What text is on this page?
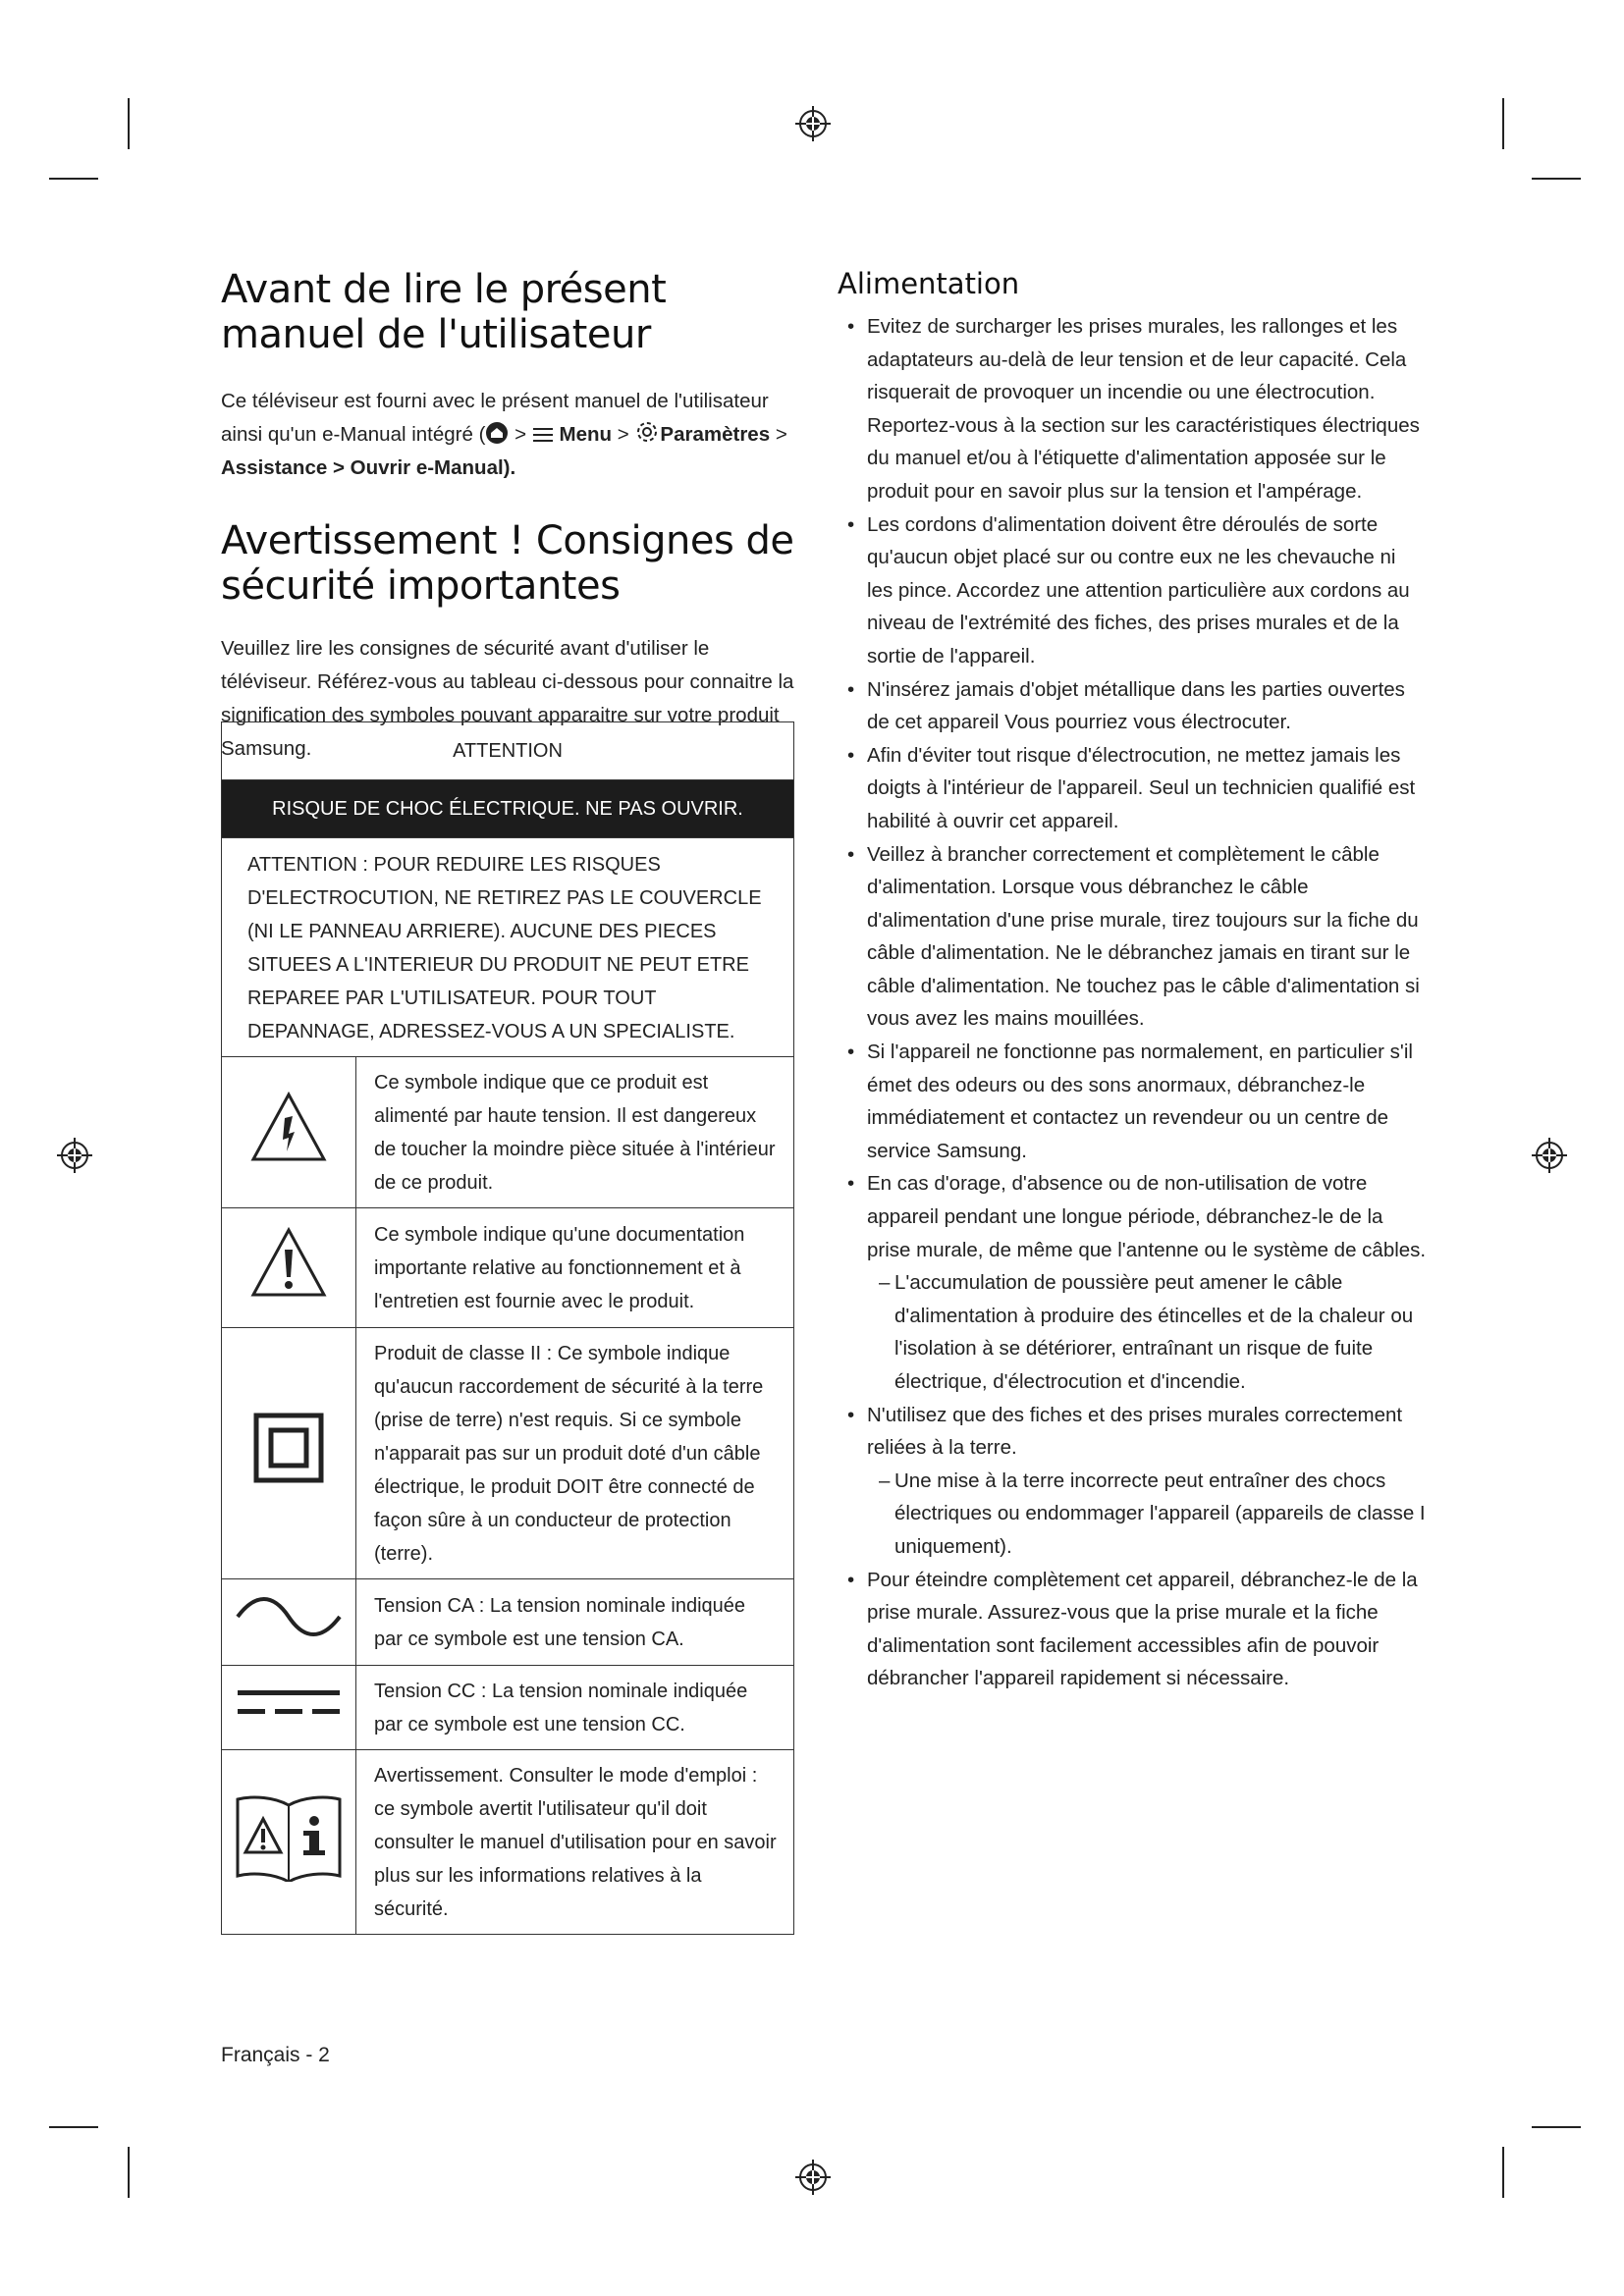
Avant de lire le présent manuel de l'utilisateur

Ce téléviseur est fourni avec le présent manuel de l'utilisateur ainsi qu'un e-Manual intégré ( >  Menu > Paramètres > Assistance > Ouvrir e-Manual).

Avertissement ! Consignes de sécurité importantes

Veuillez lire les consignes de sécurité avant d'utiliser le téléviseur. Référez-vous au tableau ci-dessous pour connaitre la signification des symboles pouvant apparaitre sur votre produit Samsung.	ATTENTION	
RISQUE DE CHOC ÉLECTRIQUE. NE PAS OUVRIR.	
ATTENTION : POUR REDUIRE LES RISQUES D'ELECTROCUTION, NE RETIREZ PAS LE COUVERCLE (NI LE PANNEAU ARRIERE). AUCUNE DES PIECES SITUEES A L'INTERIEUR DU PRODUIT NE PEUT ETRE REPAREE PAR L'UTILISATEUR. POUR TOUT DEPANNAGE, ADRESSEZ-VOUS A UN SPECIALISTE.	
	Ce symbole indique que ce produit est alimenté par haute tension. Il est dangereux de toucher la moindre pièce située à l'intérieur de ce produit.
	Ce symbole indique qu'une documentation importante relative au fonctionnement et à l'entretien est fournie avec le produit.
	Produit de classe II : Ce symbole indique qu'aucun raccordement de sécurité à la terre (prise de terre) n'est requis. Si ce symbole n'apparait pas sur un produit doté d'un câble électrique, le produit DOIT être connecté de façon sûre à un conducteur de protection (terre).
	Tension CA : La tension nominale indiquée par ce symbole est une tension CA.
	Tension CC : La tension nominale indiquée par ce symbole est une tension CC.
	Avertissement. Consulter le mode d'emploi : ce symbole avertit l'utilisateur qu'il doit consulter le manuel d'utilisation pour en savoir plus sur les informations relatives à la sécurité.
Alimentation
• Evitez de surcharger les prises murales, les rallonges et les adaptateurs au-delà de leur tension et de leur capacité. Cela risquerait de provoquer un incendie ou une électrocution. Reportez-vous à la section sur les caractéristiques électriques du manuel et/ou à l'étiquette d'alimentation apposée sur le produit pour en savoir plus sur la tension et l'ampérage.
• Les cordons d'alimentation doivent être déroulés de sorte qu'aucun objet placé sur ou contre eux ne les chevauche ni les pince. Accordez une attention particulière aux cordons au niveau de l'extrémité des fiches, des prises murales et de la sortie de l'appareil.
• N'insérez jamais d'objet métallique dans les parties ouvertes de cet appareil Vous pourriez vous électrocuter.
• Afin d'éviter tout risque d'électrocution, ne mettez jamais les doigts à l'intérieur de l'appareil. Seul un technicien qualifié est habilité à ouvrir cet appareil.
• Veillez à brancher correctement et complètement le câble d'alimentation. Lorsque vous débranchez le câble d'alimentation d'une prise murale, tirez toujours sur la fiche du câble d'alimentation. Ne le débranchez jamais en tirant sur le câble d'alimentation. Ne touchez pas le câble d'alimentation si vous avez les mains mouillées.
• Si l'appareil ne fonctionne pas normalement, en particulier s'il émet des odeurs ou des sons anormaux, débranchez-le immédiatement et contactez un revendeur ou un centre de service Samsung.
• En cas d'orage, d'absence ou de non-utilisation de votre appareil pendant une longue période, débranchez-le de la prise murale, de même que l'antenne ou le système de câbles.
– L'accumulation de poussière peut amener le câble d'alimentation à produire des étincelles et de la chaleur ou l'isolation à se détériorer, entraînant un risque de fuite électrique, d'électrocution et d'incendie.
• N'utilisez que des fiches et des prises murales correctement reliées à la terre.
– Une mise à la terre incorrecte peut entraîner des chocs électriques ou endommager l'appareil (appareils de classe I uniquement).
• Pour éteindre complètement cet appareil, débranchez-le de la prise murale. Assurez-vous que la prise murale et la fiche d'alimentation sont facilement accessibles afin de pouvoir débrancher l'appareil rapidement si nécessaire.
Français - 2
